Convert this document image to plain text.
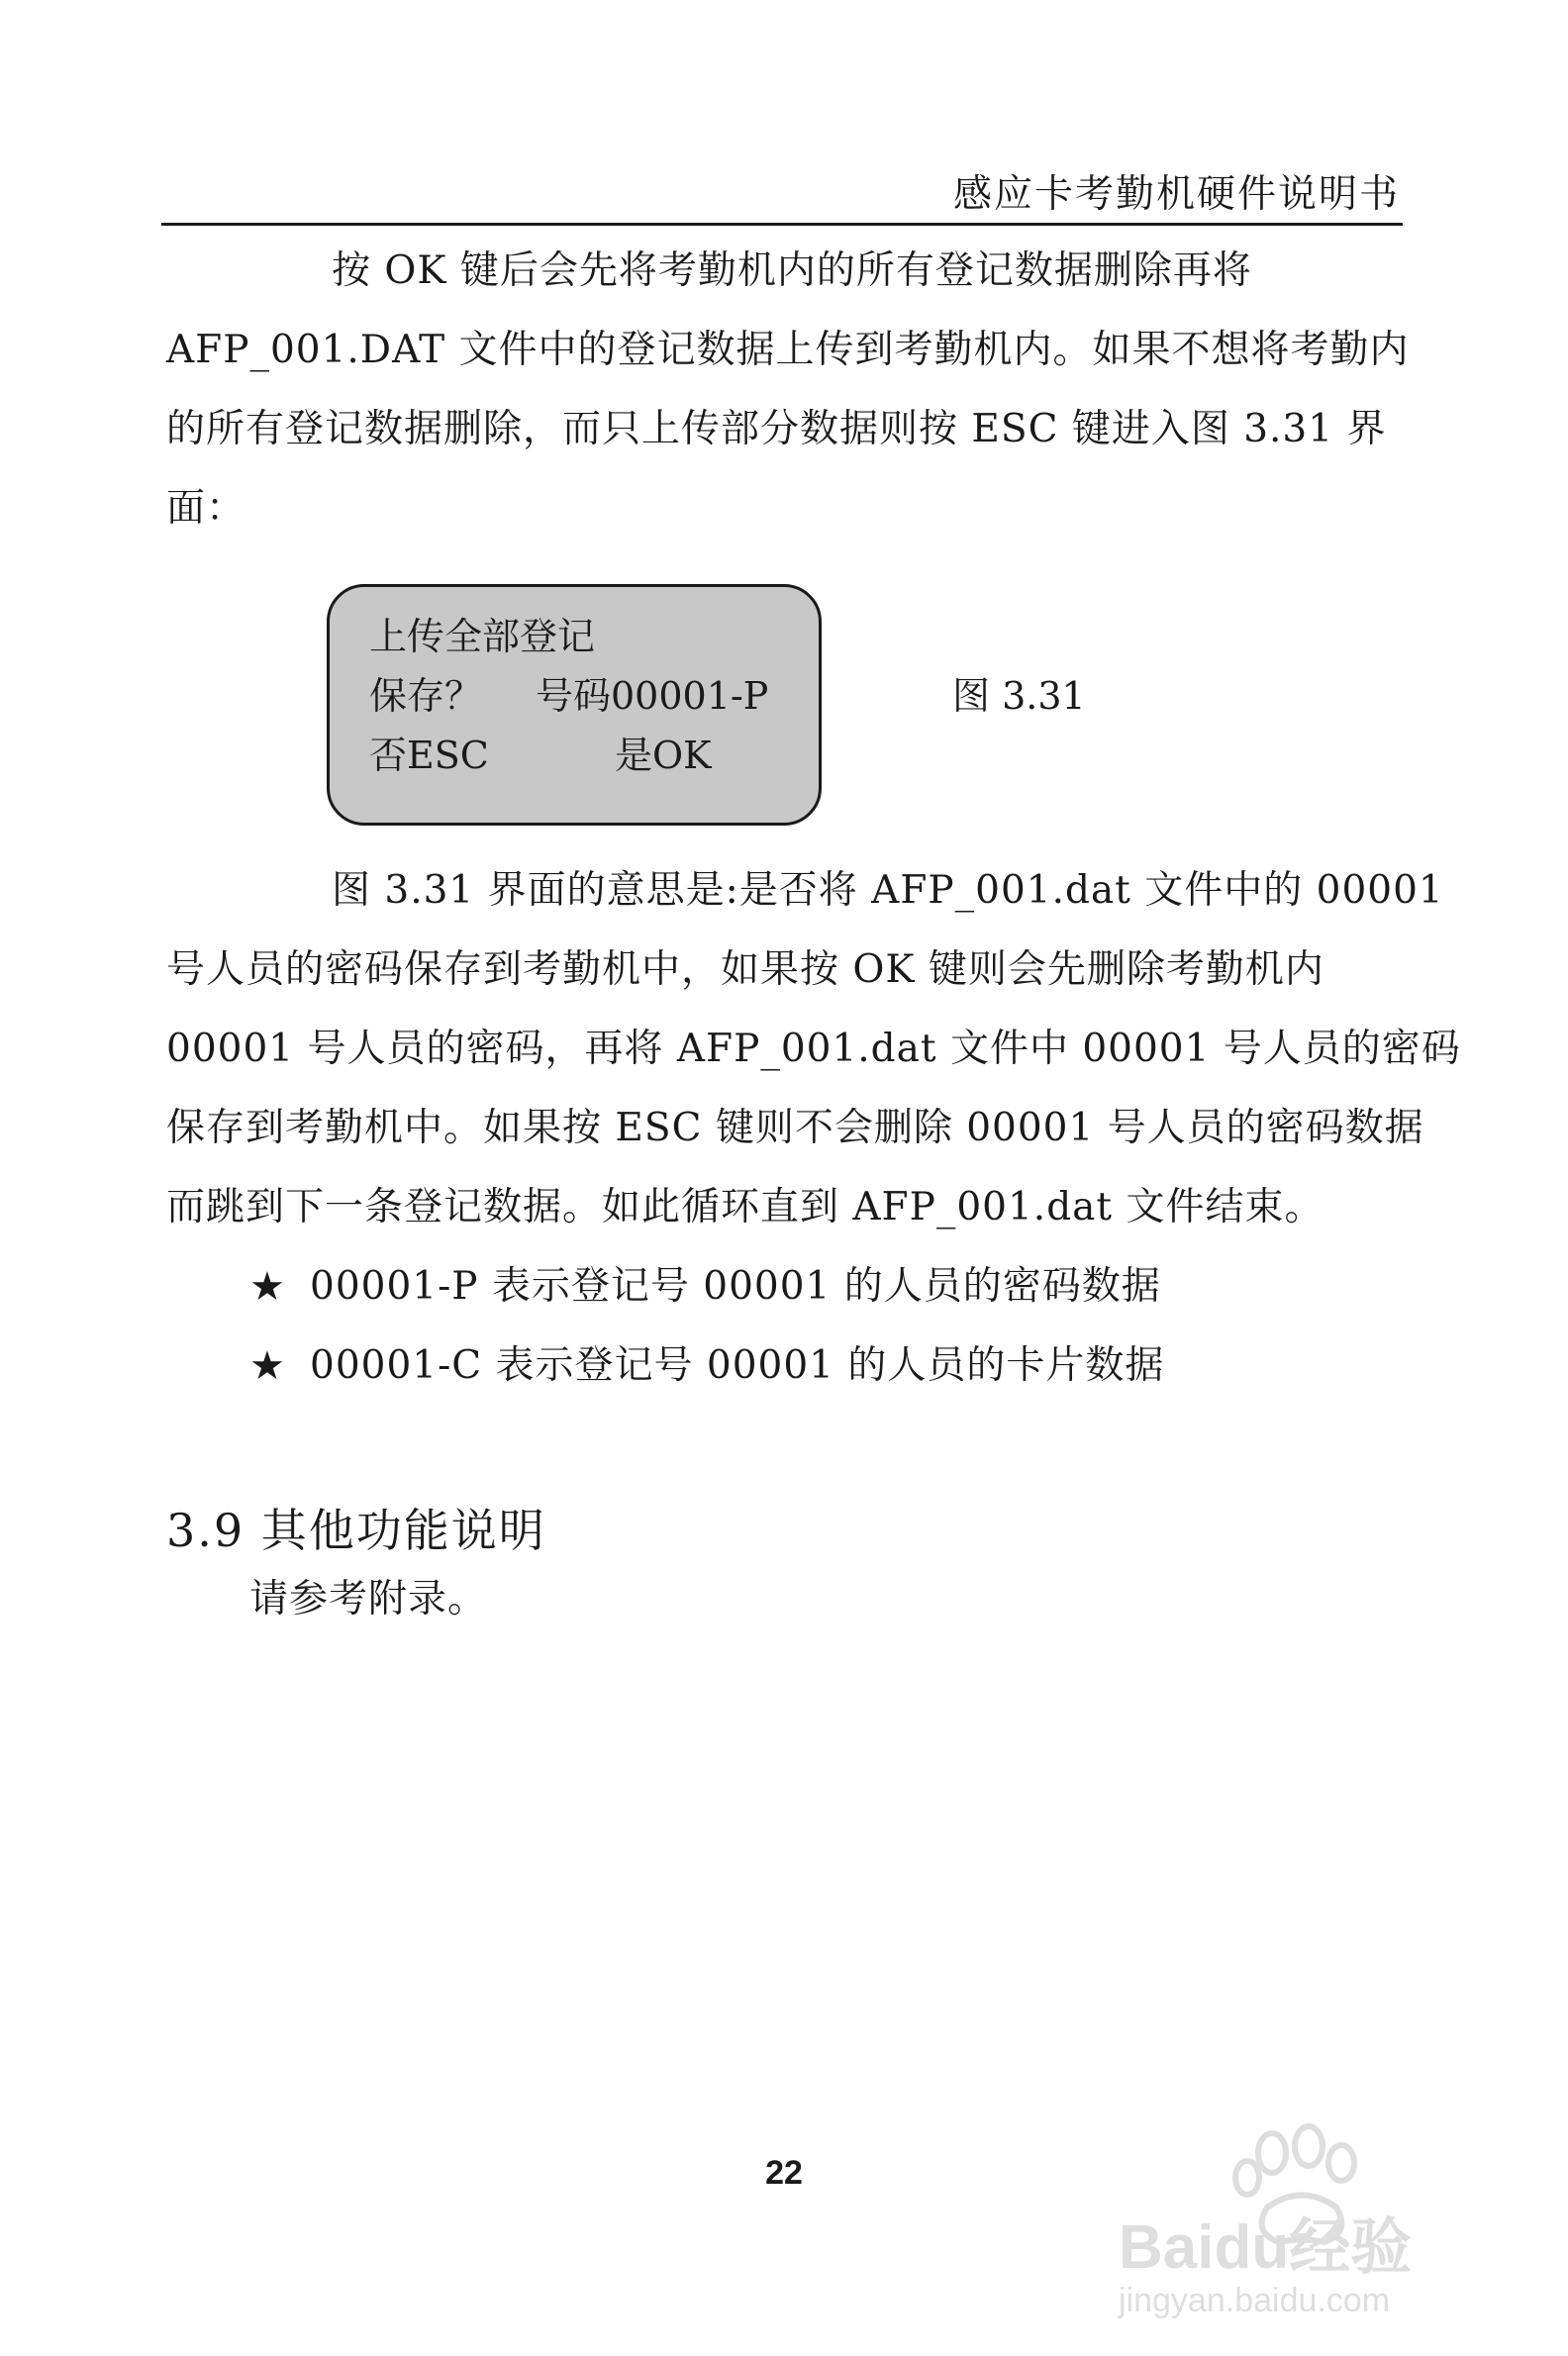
感应卡考勤机硬件说明书
按 OK 键后会先将考勤机内的所有登记数据删除再将
AFP_001.DAT 文件中的登记数据上传到考勤机内。如果不想将考勤内
的所有登记数据删除，而只上传部分数据则按 ESC 键进入图 3.31 界
面：
上传全部登记
保存？ 号码00001-P
否ESC	是OK
图 3.31
图 3.31 界面的意思是:是否将 AFP_001.dat 文件中的 00001
号人员的密码保存到考勤机中，如果按 OK 键则会先删除考勤机内
00001 号人员的密码，再将 AFP_001.dat 文件中 00001 号人员的密码
保存到考勤机中。如果按 ESC 键则不会删除 00001 号人员的密码数据
而跳到下一条登记数据。如此循环直到 AFP_001.dat 文件结束。
★ 00001-P 表示登记号 00001 的人员的密码数据
★ 00001-C 表示登记号 00001 的人员的卡片数据
3.9 其他功能说明
请参考附录。
22
Baidu经验
jingyan.baidu.com
